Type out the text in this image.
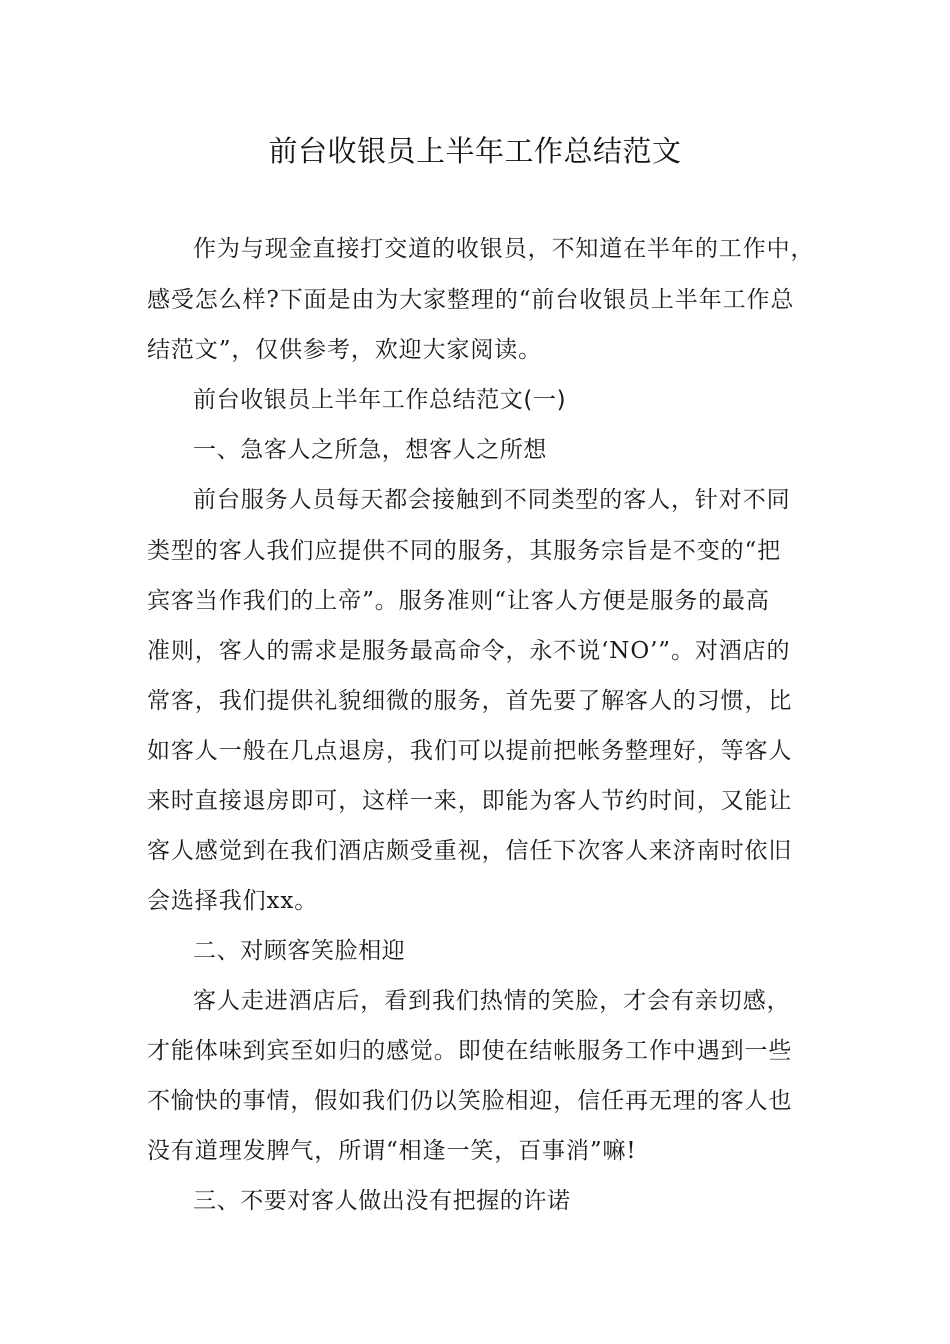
前台收银员上半年工作总结范文
作为与现金直接打交道的收银员，不知道在半年的工作中，
感受怎么样?下面是由为大家整理的“前台收银员上半年工作总
结范文”，仅供参考，欢迎大家阅读。
前台收银员上半年工作总结范文(一)
一、急客人之所急，想客人之所想
前台服务人员每天都会接触到不同类型的客人，针对不同
类型的客人我们应提供不同的服务，其服务宗旨是不变的“把
宾客当作我们的上帝”。服务准则“让客人方便是服务的最高
准则，客人的需求是服务最高命令，永不说‘NO’”。对酒店的
常客，我们提供礼貌细微的服务，首先要了解客人的习惯，比
如客人一般在几点退房，我们可以提前把帐务整理好，等客人
来时直接退房即可，这样一来，即能为客人节约时间，又能让
客人感觉到在我们酒店颇受重视，信任下次客人来济南时依旧
会选择我们xx。
二、对顾客笑脸相迎
客人走进酒店后，看到我们热情的笑脸，才会有亲切感，
才能体味到宾至如归的感觉。即使在结帐服务工作中遇到一些
不愉快的事情，假如我们仍以笑脸相迎，信任再无理的客人也
没有道理发脾气，所谓“相逢一笑，百事消”嘛!
三、不要对客人做出没有把握的许诺
